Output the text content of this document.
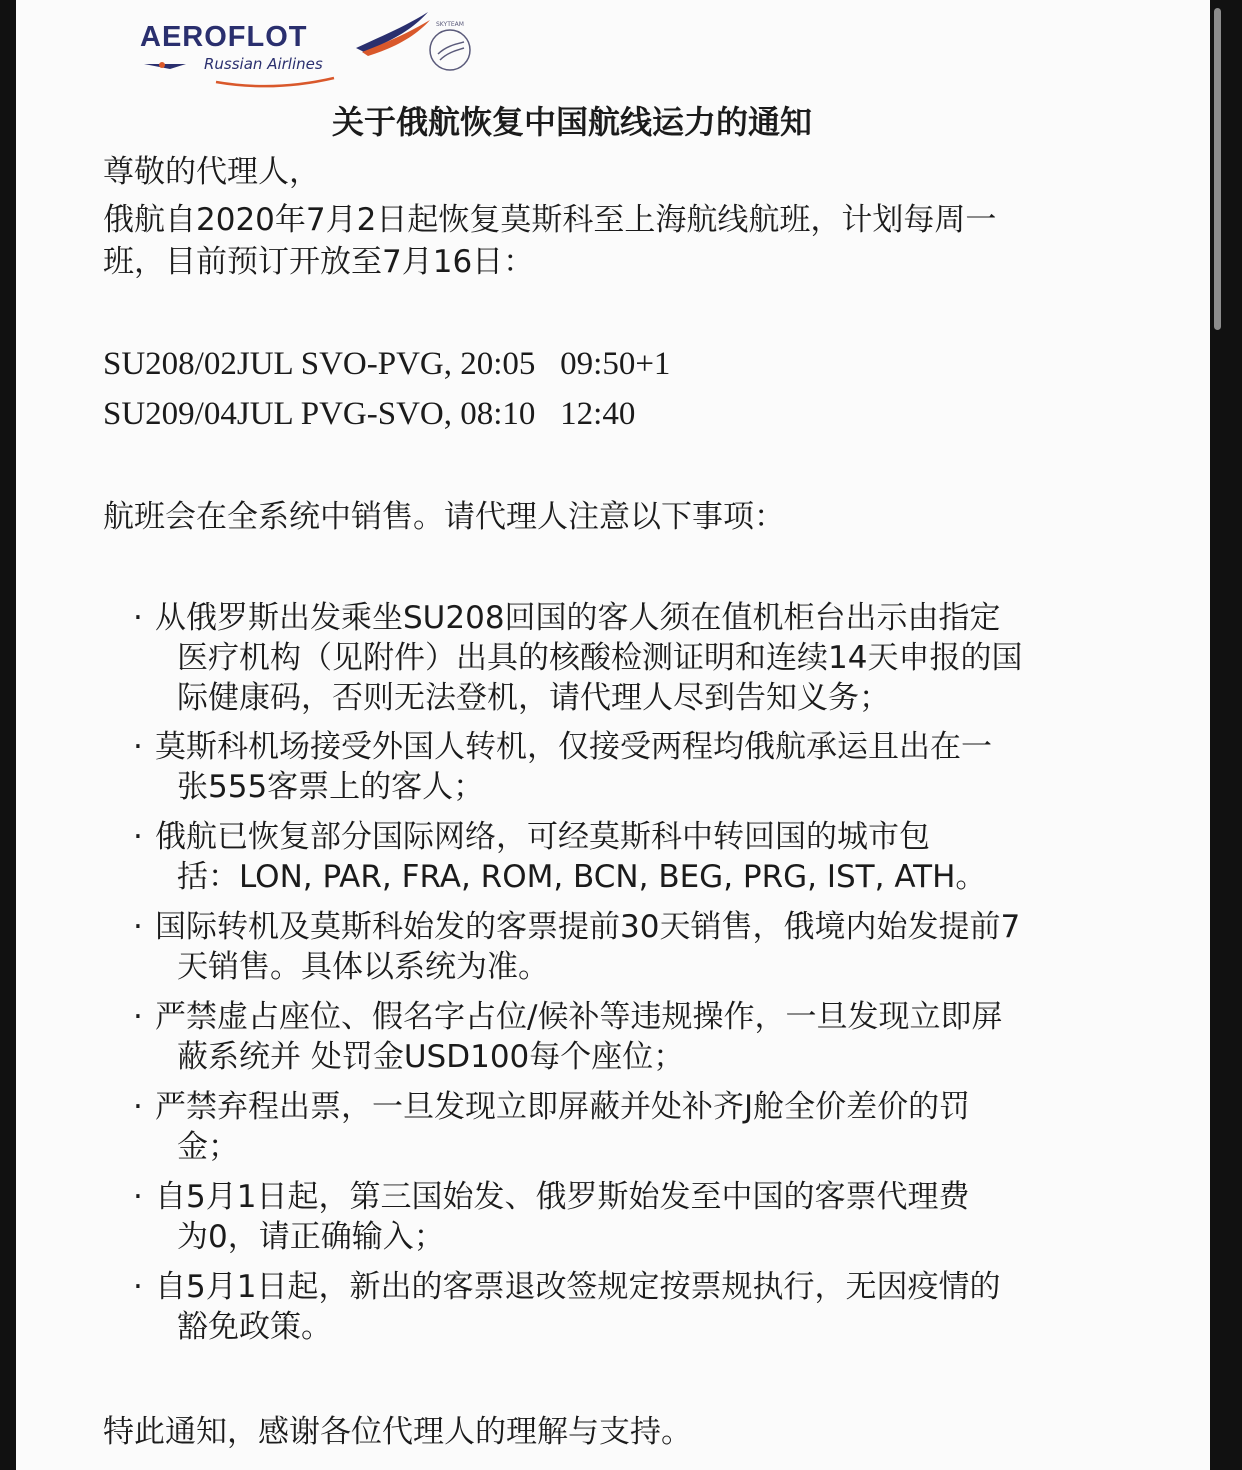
AEROFLOT
Russian Airlines
SKYTEAM
关于俄航恢复中国航线运力的通知

尊敬的代理人，

俄航自2020年7月2日起恢复莫斯科至上海航线航班，计划每周一

班，目前预订开放至7月16日：

SU208/02JUL SVO-PVG, 20:05   09:50+1

SU209/04JUL PVG-SVO, 08:10   12:40

航班会在全系统中销售。请代理人注意以下事项：

· 从俄罗斯出发乘坐SU208回国的客人须在值机柜台出示由指定

医疗机构（见附件）出具的核酸检测证明和连续14天申报的国

际健康码，否则无法登机，请代理人尽到告知义务；

· 莫斯科机场接受外国人转机，仅接受两程均俄航承运且出在一

张555客票上的客人；

· 俄航已恢复部分国际网络，可经莫斯科中转回国的城市包

括：LON, PAR, FRA, ROM, BCN, BEG, PRG, IST, ATH。

· 国际转机及莫斯科始发的客票提前30天销售，俄境内始发提前7

天销售。具体以系统为准。

· 严禁虚占座位、假名字占位/候补等违规操作，一旦发现立即屏

蔽系统并 处罚金USD100每个座位；

· 严禁弃程出票，一旦发现立即屏蔽并处补齐J舱全价差价的罚

金；

· 自5月1日起，第三国始发、俄罗斯始发至中国的客票代理费

为0，请正确输入；

· 自5月1日起，新出的客票退改签规定按票规执行，无因疫情的

豁免政策。

特此通知，感谢各位代理人的理解与支持。
